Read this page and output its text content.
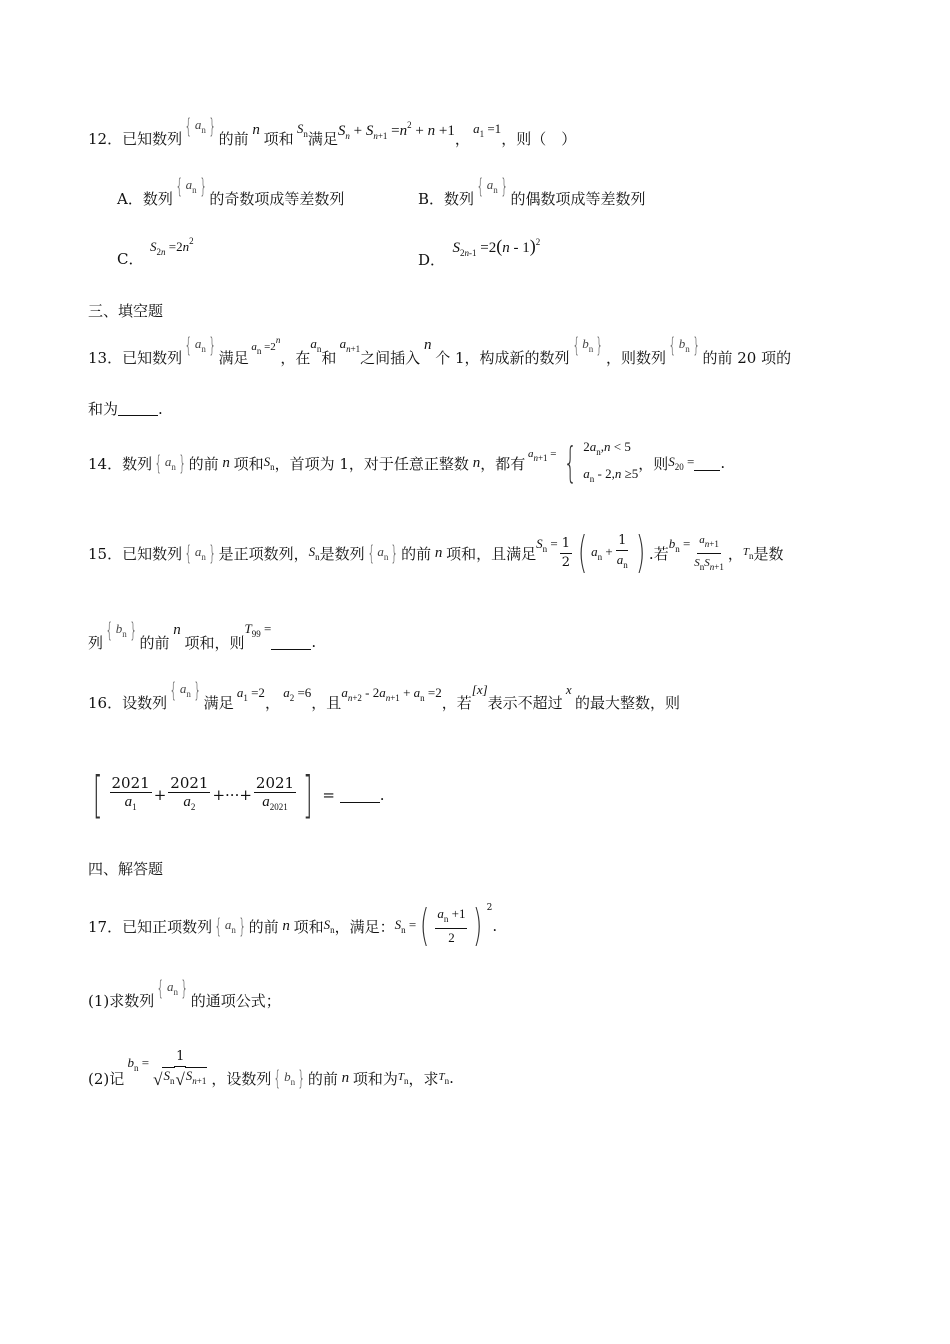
12． 已知数列
{ $a_n$ }
的前 n 项和
$S_n$ 满足 $S_n + S_{n+1} =n^2 + n +1$ ，
$a_1 =1$
，则（　）
A． 数列
{ $a_n$ }
的奇数项成等差数列	B． 数列
{ $a_n$ }
的偶数项成等差数列
C．
$S_{2n} =2n^2$
D．
$S_{2n-1} =2(n - 1)^2$
三、填空题
13． 已知数列
{ $a_n$ }
满足
$a_n =2^n$
，在
$a_n$ 和
$a_{n+1}$ 之间插入
n
个 1，构成新的数列
{ $b_n$ }
，则数列
{ $b_n$ }
的前 20 项的
和为	.
14． 数列 { $a_n$ } 的前 n 项和 $S_n$ ，首项为 1，对于任意正整数 n ，都有
$a_{n+1}$ = { $2a_n,n < 5$
$a_n - 2,n \ge 5$
，则 $S_{20}$ = .
15． 已知数列 { $a_n$ } 是正项数列， $S_n$ 是数列 { $a_n$ } 的前 n 项和，且满足
$S_n = \frac{1}{2}$ ( $a_n + \frac{1}{a_n}$ ) .若
$b_n = \frac{a_{n+1}}{S_nS_{n+1}}$ ， $T_n$ 是数
列
{ $b_n$ }
的前
n
项和，则
$T_{99}$ =
.
16． 设数列
{ $a_n$ }
满足
$a_1 =2$
，
$a_2 =6$
，且
$a_{n+2} - 2a_{n+1} + a_n =2$
，若
[x]
表示不超过
x
的最大整数，则
[ $\frac{2021}{a_1} + \frac{2021}{a_2}$ +···+ $\frac{2021}{a_{2021}}$ ] =	.
四、解答题
17． 已知正项数列 { $a_n$ } 的前 n 项和 $S_n$ ，满足： $S_n$ = ( $\frac{a_n +1}{2}$ ) 2
.
(1)求数列
{ $a_n$ }
的通项公式；
(2)记
$b_n = \frac{1}{√ S_n √ S_{n+1}}$ ，设数列 { $b_n$ } 的前 n 项和为 $T_n$ ，求 $T_n$ .
